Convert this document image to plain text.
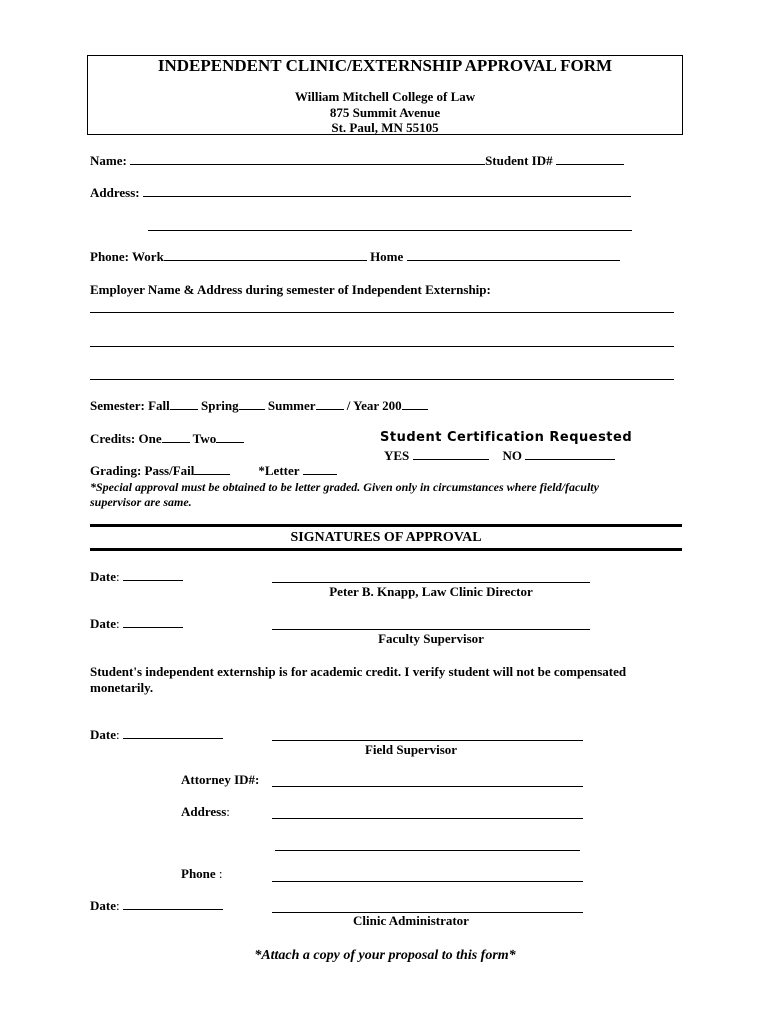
INDEPENDENT CLINIC/EXTERNSHIP APPROVAL FORM
William Mitchell College of Law
875 Summit Avenue
St. Paul, MN 55105
Name:	Student ID#
Address:
Phone: Work	Home
Employer Name & Address during semester of Independent Externship:
Semester: Fall Spring Summer / Year 200
Credits: One Two	Student Certification Requested
YES	NO
Grading: Pass/Fail	*Letter
*Special approval must be obtained to be letter graded. Given only in circumstances where field/faculty
supervisor are same.
SIGNATURES OF APPROVAL
Date:
Peter B. Knapp, Law Clinic Director
Date:
Faculty Supervisor
Student's independent externship is for academic credit. I verify student will not be compensated
monetarily.
Date:
Field Supervisor
Attorney ID#:
Address:
Phone :
Date:
Clinic Administrator
*Attach a copy of your proposal to this form*
